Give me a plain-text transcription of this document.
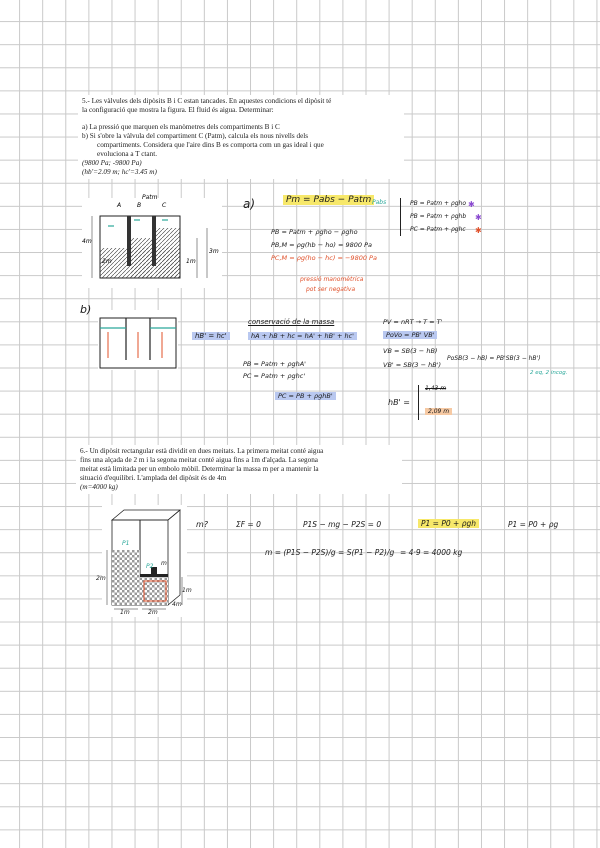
5.- Les vàlvules dels dipòsits B i C estan tancades. En aquestes condicions el dipòsit té

la configuració que mostra la figura. El fluid és aigua. Determinar:

a) La pressió que marquen els manòmetres dels compartiments B i C

b) Si s'obre la vàlvula del compartiment C (Patm), calcula els nous nivells dels

compartiments. Considera que l'aire dins B es comporta com un gas ideal i que

evoluciona a T ctant.

(9800 Pa; -9800 Pa)

(hb'=2.09 m; hc'=3.45 m)

A	B	C
4m
2m	1m
3m
Patm	a)	Pm = Pabs − Patm
PB = Patm + ρgho − ρgho
PB,M = ρg(hb − ho) = 9800 Pa
PC,M = ρg(ho − hc) = −9800 Pa
pressió manomètrica
pot ser negativa
Pabs	PB = Patm + ρgho
PB = Patm + ρghb
PC = Patm + ρghc
✱
✱
✱
b)
hB' = hc'
conservació de la massa
hA + hB + hc = hA' + hB' + hc'
PB = Patm + ρghA'
PC = Patm + ρghc'
PC = PB + ρghB'
PV = nRT → T = T'
PoVo = PB' VB'
VB = SB(3 − hB)
VB' = SB(3 − hB')
PoSB(3 − hB) = PB'SB(3 − hB')
2 eq, 2 incog.
hB' =
1,43 m
2,09 m

6.- Un dipòsit rectangular està dividit en dues meitats. La primera meitat conté aigua

fins una alçada de 2 m i la segona meitat conté aigua fins a 1m d'alçada. La segona

meitat està limitada per un embolo mòbil. Determinar la massa m per a mantenir la

situació d'equilibri. L'amplada del dipòsit és de 4m

(m=4000 kg)

P1
P2 m
2m
1m
1m	2m
4m
m?	ΣF = 0	P1S − mg − P2S = 0	P1 = P0 + ρgh	P1 = P0 + ρg
m = (P1S − P2S)/g = S(P1 − P2)/g = 4·9 = 4000 kg
